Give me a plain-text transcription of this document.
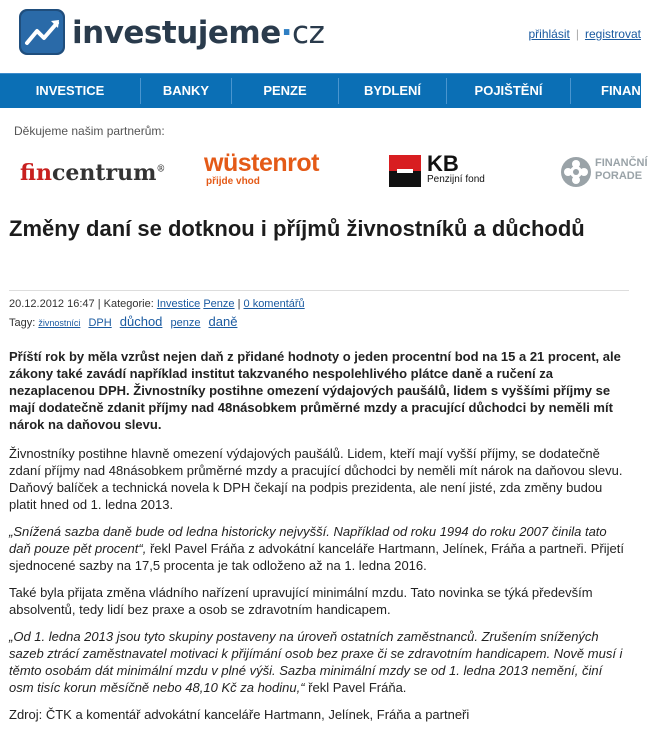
investujeme·cz	přihlásit | registrovat
INVESTICE	BANKY	PENZE	BYDLENÍ	POJIŠTĚNÍ	FINAN
Děkujeme našim partnerům:
fincentrum® wüstenrot
přijde vhod
KB
Penzijní fond
FINANČNÍ
PORADE
Změny daní se dotknou i příjmů živnostníků a důchodů
20.12.2012 16:47 | Kategorie: Investice Penze | 0 komentářů
Tagy: živnostníci DPH důchod penze daně

Příští rok by měla vzrůst nejen daň z přidané hodnoty o jeden procentní bod na 15 a 21 procent, ale zákony také zavádí například institut takzvaného nespolehlivého plátce daně a ručení za nezaplacenou DPH. Živnostníky postihne omezení výdajových paušálů, lidem s vyššími příjmy se mají dodatečně zdanit příjmy nad 48násobkem průměrné mzdy a pracující důchodci by neměli mít nárok na daňovou slevu.

Živnostníky postihne hlavně omezení výdajových paušálů. Lidem, kteří mají vyšší příjmy, se dodatečně zdaní příjmy nad 48násobkem průměrné mzdy a pracující důchodci by neměli mít nárok na daňovou slevu. Daňový balíček a technická novela k DPH čekají na podpis prezidenta, ale není jisté, zda změny budou platit hned od 1. ledna 2013.

„Snížená sazba daně bude od ledna historicky nejvyšší. Například od roku 1994 do roku 2007 činila tato daň pouze pět procent“, řekl Pavel Fráňa z advokátní kanceláře Hartmann, Jelínek, Fráňa a partneři. Přijetí sjednocené sazby na 17,5 procenta je tak odloženo až na 1. ledna 2016.

Také byla přijata změna vládního nařízení upravující minimální mzdu. Tato novinka se týká především absolventů, tedy lidí bez praxe a osob se zdravotním handicapem.

„Od 1. ledna 2013 jsou tyto skupiny postaveny na úroveň ostatních zaměstnanců. Zrušením snížených sazeb ztrácí zaměstnavatel motivaci k přijímání osob bez praxe či se zdravotním handicapem. Nově musí i těmto osobám dát minimální mzdu v plné výši. Sazba minimální mzdy se od 1. ledna 2013 nemění, činí osm tisíc korun měsíčně nebo 48,10 Kč za hodinu,“ řekl Pavel Fráňa.

Zdroj: ČTK a komentář advokátní kanceláře Hartmann, Jelínek, Fráňa a partneři
